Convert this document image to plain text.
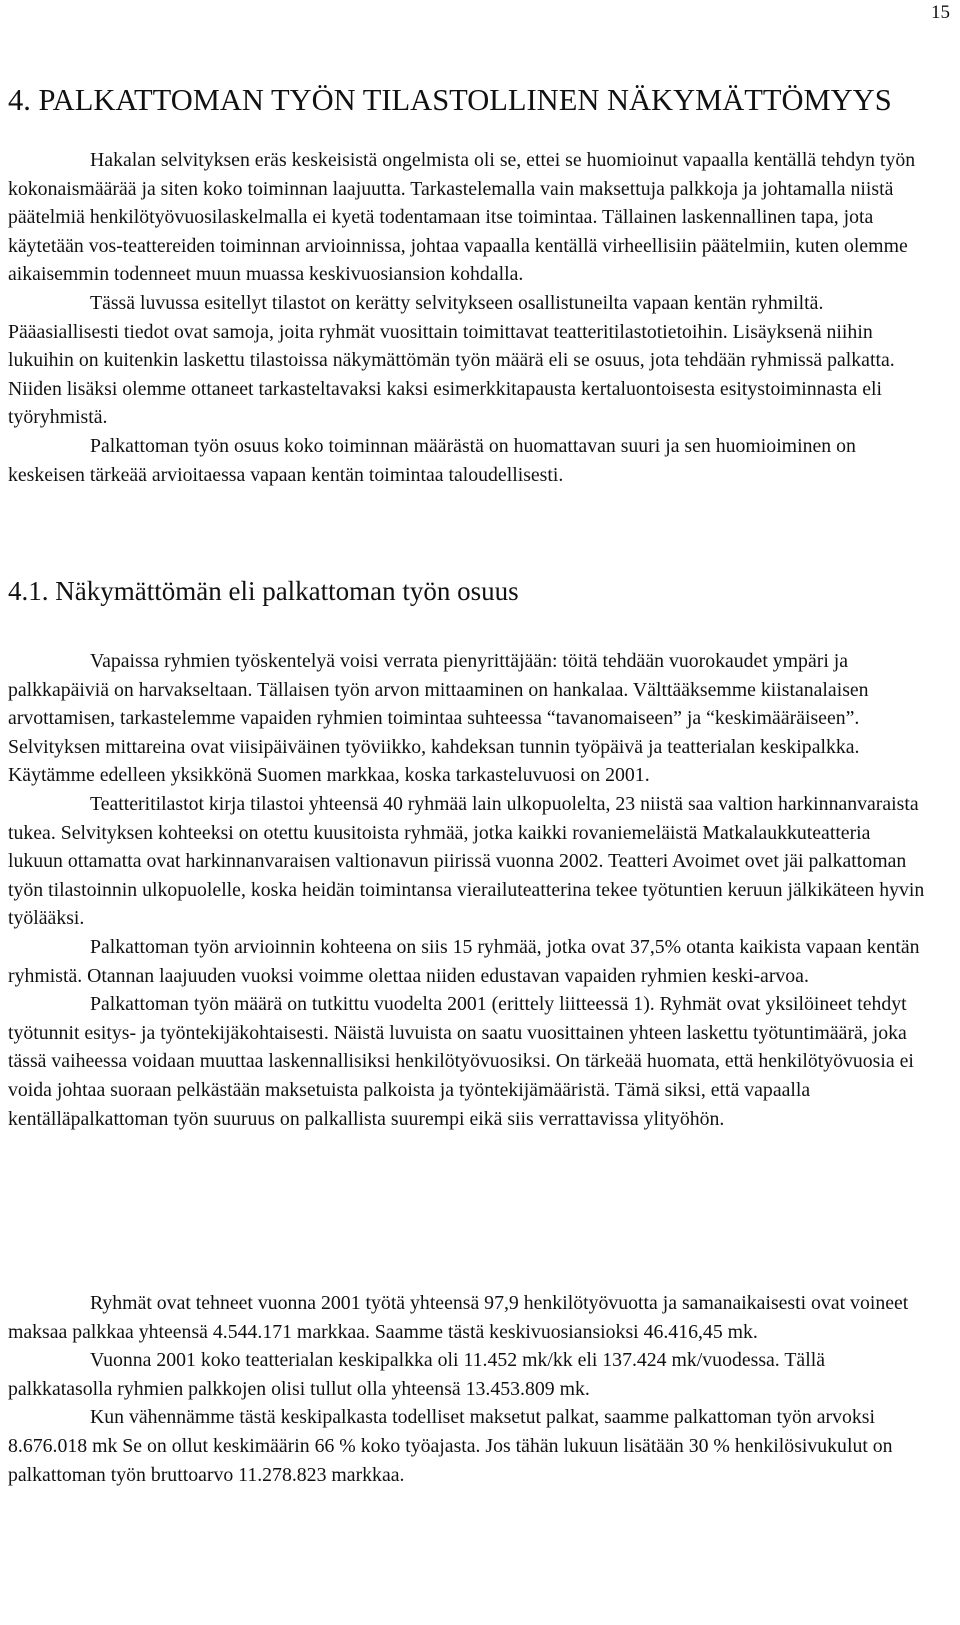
15
4. PALKATTOMAN TYÖN TILASTOLLINEN NÄKYMÄTTÖMYYS

Hakalan selvityksen eräs keskeisistä ongelmista oli se, ettei se huomioinut vapaalla kentällä tehdyn työn kokonaismäärää ja siten koko toiminnan laajuutta. Tarkastelemalla vain maksettuja palkkoja ja johtamalla niistä päätelmiä henkilötyövuosilaskelmalla ei kyetä todentamaan itse toimintaa. Tällainen laskennallinen tapa, jota käytetään vos-teattereiden toiminnan arvioinnissa, johtaa vapaalla kentällä virheellisiin päätelmiin, kuten olemme aikaisemmin todenneet muun muassa keskivuosiansion kohdalla.

Tässä luvussa esitellyt tilastot on kerätty selvitykseen osallistuneilta vapaan kentän ryhmiltä. Pääasiallisesti tiedot ovat samoja, joita ryhmät vuosittain toimittavat teatteritilastotietoihin. Lisäyksenä niihin lukuihin on kuitenkin laskettu tilastoissa näkymättömän työn määrä eli se osuus, jota tehdään ryhmissä palkatta. Niiden lisäksi olemme ottaneet tarkasteltavaksi kaksi esimerkkitapausta kertaluontoisesta esitystoiminnasta eli työryhmistä.

Palkattoman työn osuus koko toiminnan määrästä on huomattavan suuri ja sen huomioiminen on keskeisen tärkeää arvioitaessa vapaan kentän toimintaa taloudellisesti.

4.1. Näkymättömän eli palkattoman työn osuus

Vapaissa ryhmien työskentelyä voisi verrata pienyrittäjään: töitä tehdään vuorokaudet ympäri ja palkkapäiviä on harvakseltaan. Tällaisen työn arvon mittaaminen on hankalaa. Välttääksemme kiistanalaisen arvottamisen, tarkastelemme vapaiden ryhmien toimintaa suhteessa “tavanomaiseen” ja “keskimääräiseen”. Selvityksen mittareina ovat viisipäiväinen työviikko, kahdeksan tunnin työpäivä ja teatterialan keskipalkka. Käytämme edelleen yksikkönä Suomen markkaa, koska tarkasteluvuosi on 2001.

Teatteritilastot kirja tilastoi yhteensä 40 ryhmää lain ulkopuolelta, 23 niistä saa valtion harkinnanvaraista tukea. Selvityksen kohteeksi on otettu kuusitoista ryhmää, jotka kaikki rovaniemeläistä Matkalaukkuteatteria lukuun ottamatta ovat harkinnanvaraisen valtionavun piirissä vuonna 2002. Teatteri Avoimet ovet jäi palkattoman työn tilastoinnin ulkopuolelle, koska heidän toimintansa vierailuteatterina tekee työtuntien keruun jälkikäteen hyvin työlääksi.

Palkattoman työn arvioinnin kohteena on siis 15 ryhmää, jotka ovat 37,5% otanta kaikista vapaan kentän ryhmistä. Otannan laajuuden vuoksi voimme olettaa niiden edustavan vapaiden ryhmien keski-arvoa.

Palkattoman työn määrä on tutkittu vuodelta 2001 (erittely liitteessä 1). Ryhmät ovat yksilöineet tehdyt työtunnit esitys- ja työntekijäkohtaisesti. Näistä luvuista on saatu vuosittainen yhteen laskettu työtuntimäärä, joka tässä vaiheessa voidaan muuttaa laskennallisiksi henkilötyövuosiksi. On tärkeää huomata, että henkilötyövuosia ei voida johtaa suoraan pelkästään maksetuista palkoista ja työntekijämääristä. Tämä siksi, että vapaalla kentälläpalkattoman työn suuruus on palkallista suurempi eikä siis verrattavissa ylityöhön.

Ryhmät ovat tehneet vuonna 2001 työtä yhteensä 97,9 henkilötyövuotta ja samanaikaisesti ovat voineet maksaa palkkaa yhteensä 4.544.171 markkaa. Saamme tästä keskivuosiansioksi 46.416,45 mk.

Vuonna 2001 koko teatterialan keskipalkka oli 11.452 mk/kk eli 137.424 mk/vuodessa. Tällä palkkatasolla ryhmien palkkojen olisi tullut olla yhteensä 13.453.809 mk.

Kun vähennämme tästä keskipalkasta todelliset maksetut palkat, saamme palkattoman työn arvoksi 8.676.018 mk Se on ollut keskimäärin 66 % koko työajasta. Jos tähän lukuun lisätään 30 % henkilösivukulut on palkattoman työn bruttoarvo 11.278.823 markkaa.
